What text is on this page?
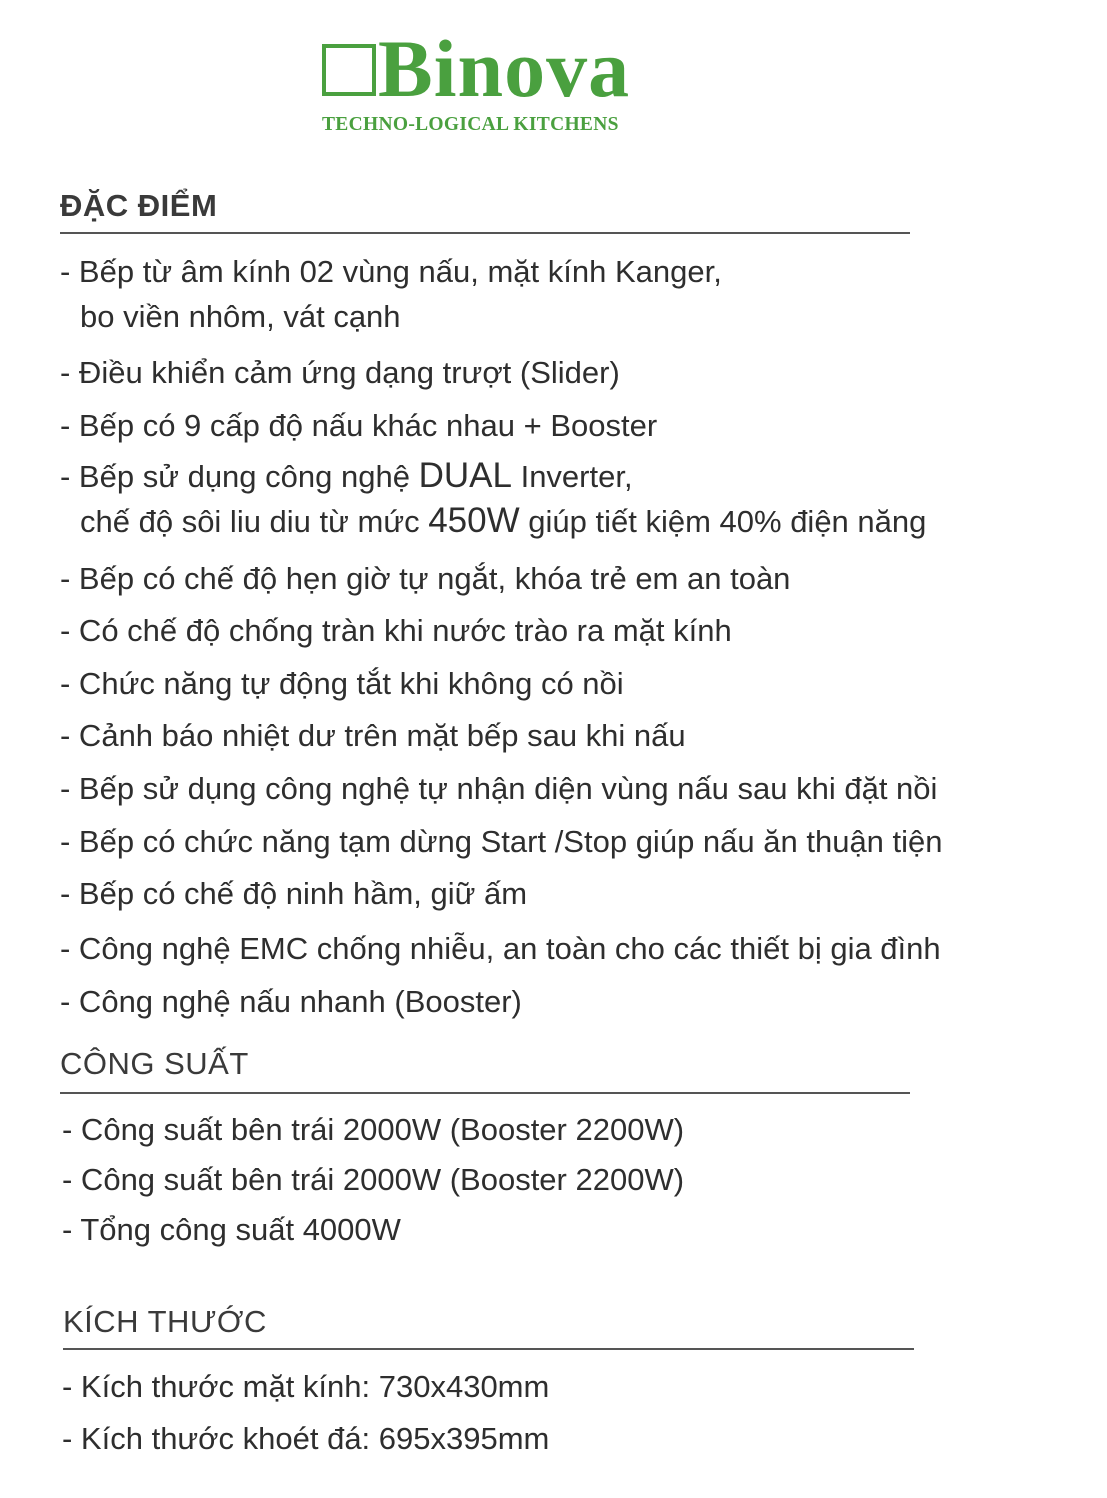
Binova
TECHNO-LOGICAL KITCHENS
ĐẶC ĐIỂM
- Bếp từ âm kính 02 vùng nấu, mặt kính Kanger,
bo viền nhôm, vát cạnh
- Điều khiển cảm ứng dạng trượt (Slider)
- Bếp có 9 cấp độ nấu khác nhau + Booster
- Bếp sử dụng công nghệ DUAL Inverter,
chế độ sôi liu diu từ mức 450W giúp tiết kiệm 40% điện năng
- Bếp có chế độ hẹn giờ tự ngắt, khóa trẻ em an toàn
- Có chế độ chống tràn khi nước trào ra mặt kính
- Chức năng tự động tắt khi không có nồi
- Cảnh báo nhiệt dư trên mặt bếp sau khi nấu
- Bếp sử dụng công nghệ tự nhận diện vùng nấu sau khi đặt nồi
- Bếp có chức năng tạm dừng Start /Stop giúp nấu ăn thuận tiện
- Bếp có chế độ ninh hầm, giữ ấm
- Công nghệ EMC chống nhiễu, an toàn cho các thiết bị gia đình
- Công nghệ nấu nhanh (Booster)
CÔNG SUẤT
- Công suất bên trái 2000W (Booster 2200W)
- Công suất bên trái 2000W (Booster 2200W)
- Tổng công suất 4000W
KÍCH THƯỚC
- Kích thước mặt kính: 730x430mm
- Kích thước khoét đá: 695x395mm
